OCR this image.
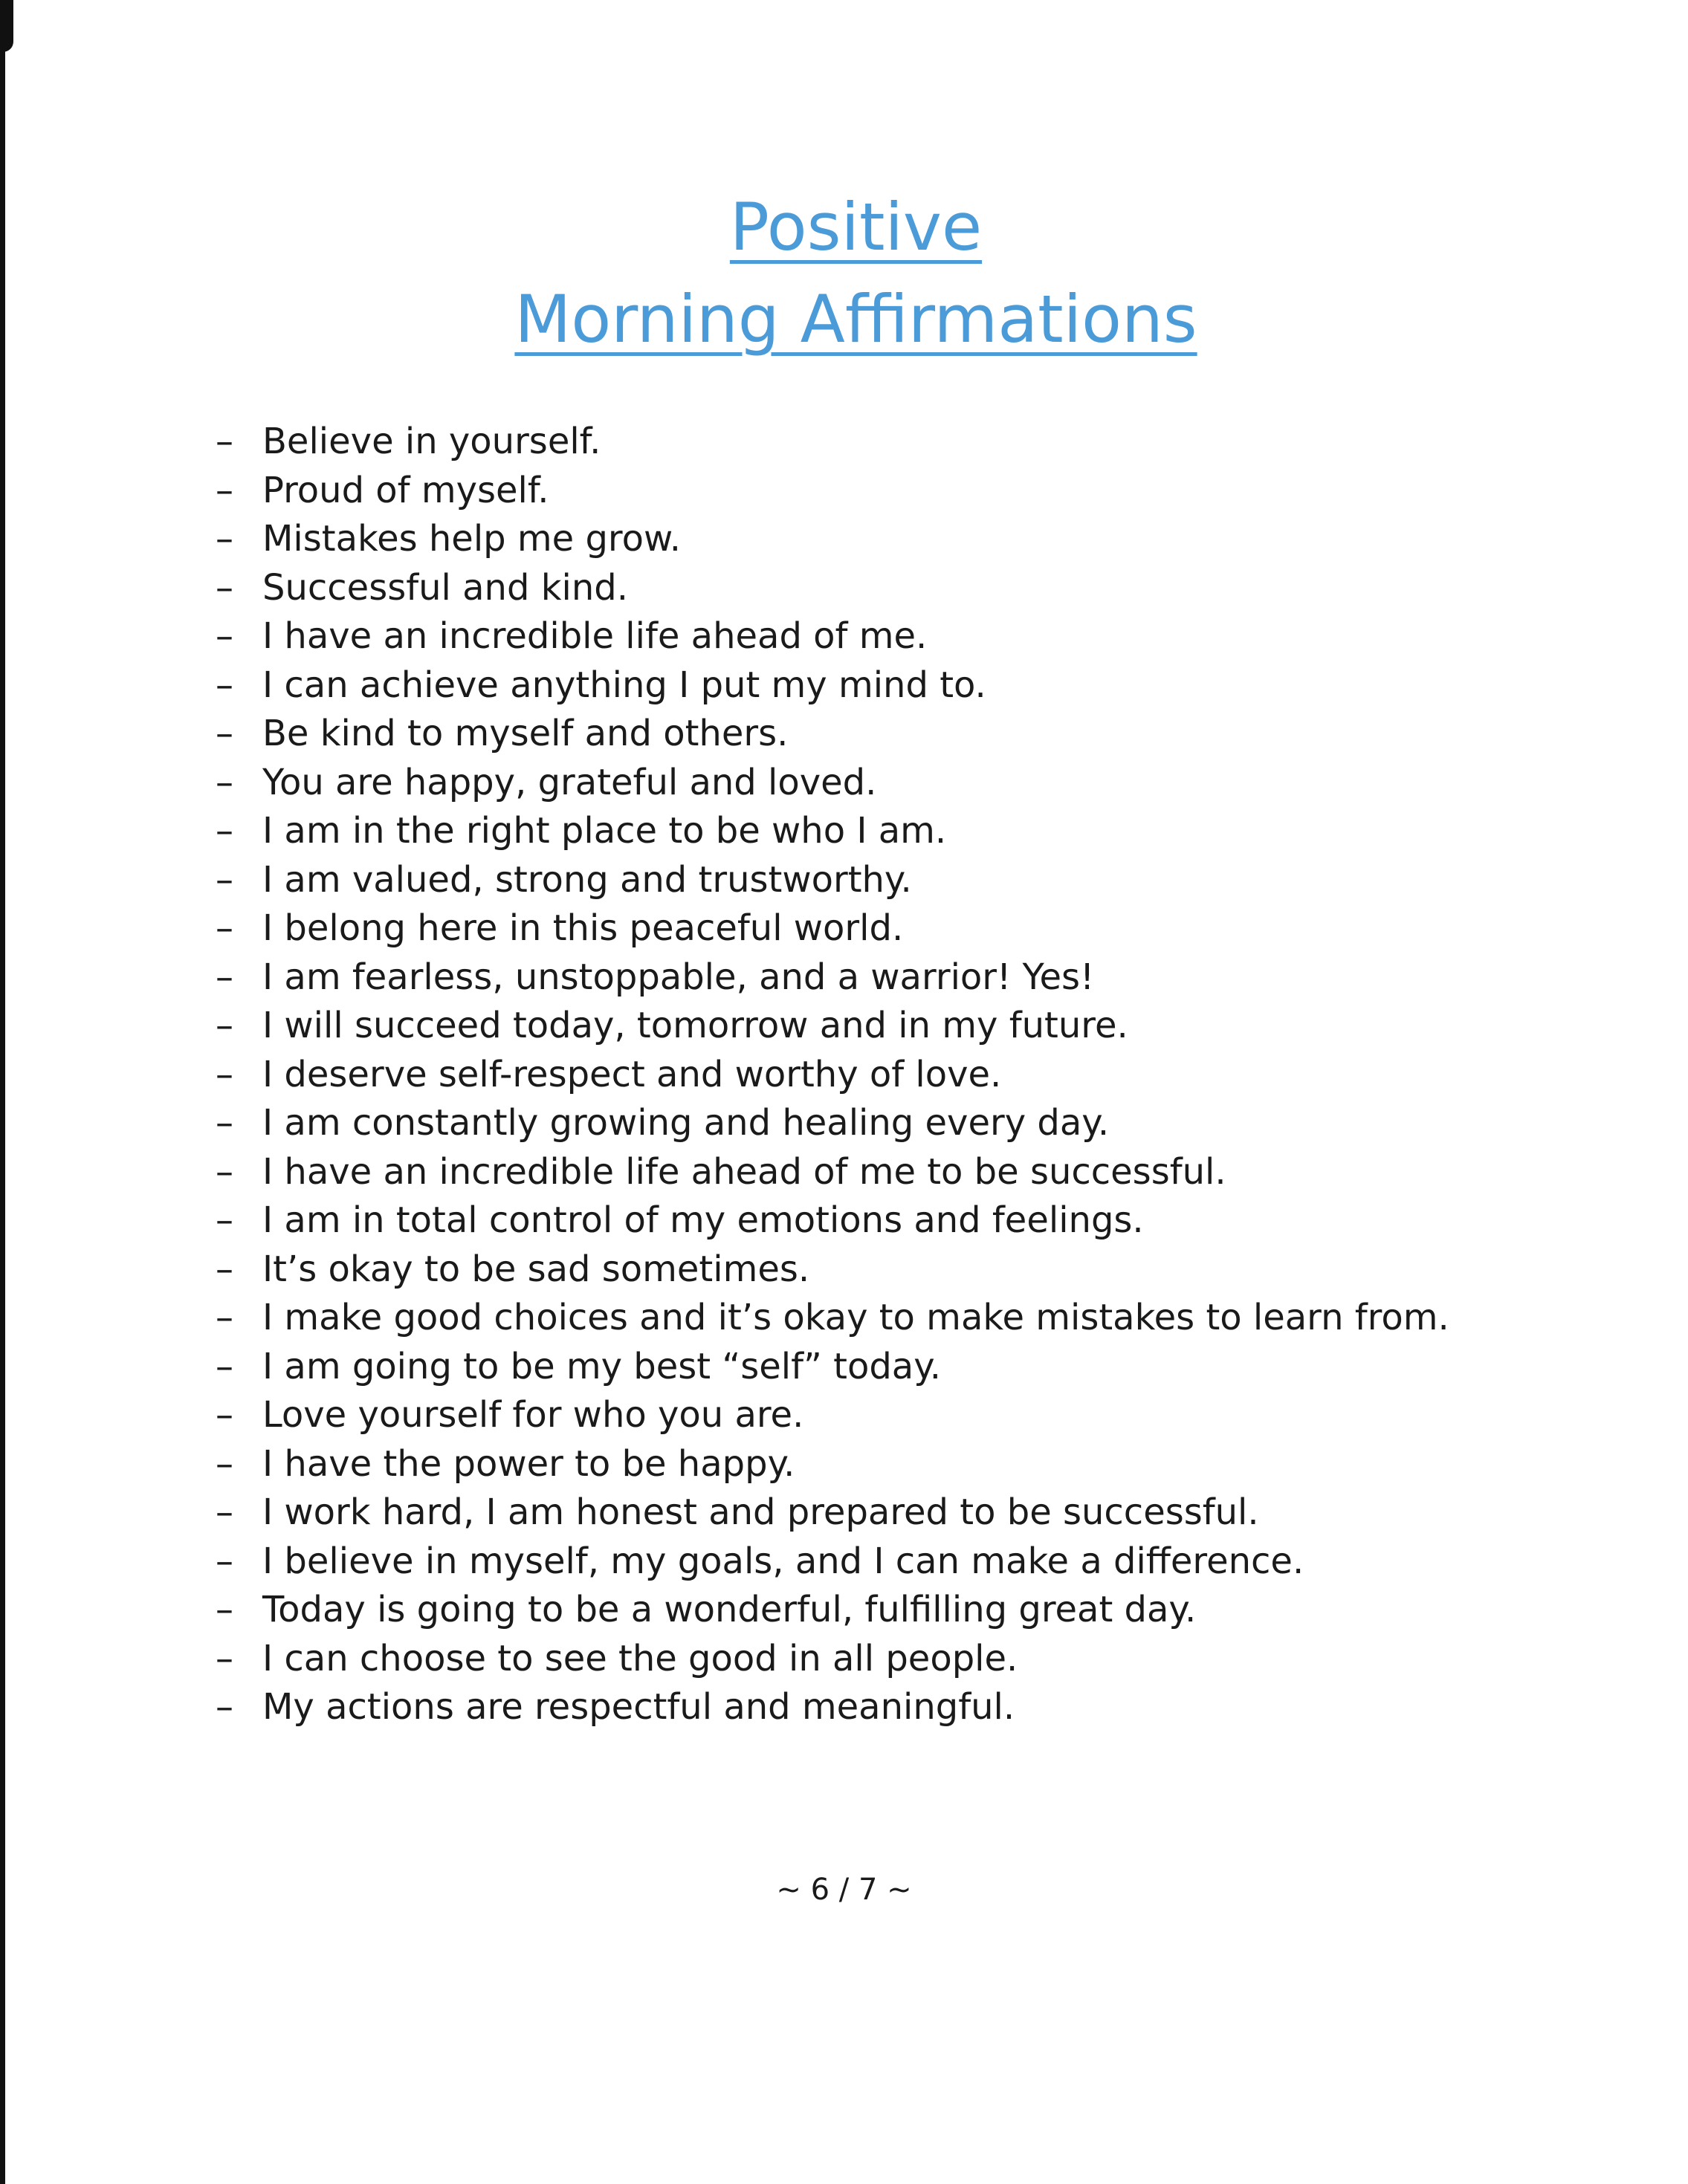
Positive
Morning Affirmations
– Believe in yourself.
– Proud of myself.
– Mistakes help me grow.
– Successful and kind.
– I have an incredible life ahead of me.
– I can achieve anything I put my mind to.
– Be kind to myself and others.
– You are happy, grateful and loved.
– I am in the right place to be who I am.
– I am valued, strong and trustworthy.
– I belong here in this peaceful world.
– I am fearless, unstoppable, and a warrior! Yes!
– I will succeed today, tomorrow and in my future.
– I deserve self-respect and worthy of love.
– I am constantly growing and healing every day.
– I have an incredible life ahead of me to be successful.
– I am in total control of my emotions and feelings.
– It’s okay to be sad sometimes.
– I make good choices and it’s okay to make mistakes to learn from.
– I am going to be my best “self” today.
– Love yourself for who you are.
– I have the power to be happy.
– I work hard, I am honest and prepared to be successful.
– I believe in myself, my goals, and I can make a difference.
– Today is going to be a wonderful, fulfilling great day.
– I can choose to see the good in all people.
– My actions are respectful and meaningful.
~ 6 / 7 ~
